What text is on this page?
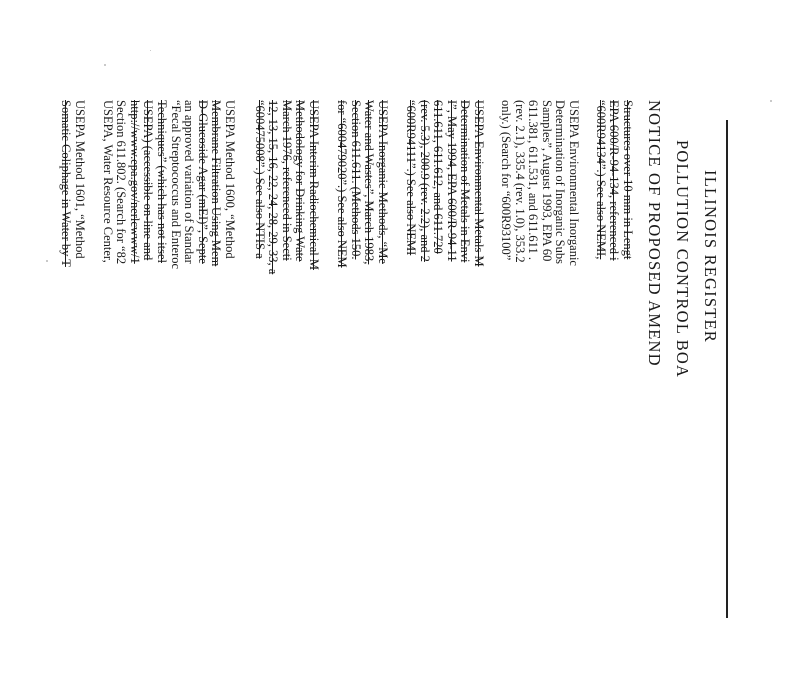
ILLINOIS REGISTER
POLLUTION CONTROL BOA
NOTICE OF PROPOSED AMEND
Structures over 10 mm in Lengt
EPA 600/R-94-134, referenced i
“600R94134”.) See also NEMI,
USEPA Environmental Inorganic
Determination of Inorganic Subs
Samples”, August 1993, EPA 60
611.381, 611.531, and 611.611 .
(rev. 2.1), 335.4 (rev. 1.0), 353.2
only.) (Search for “600R93100”
USEPA Environmental Metals M
Determination of Metals in Envi
I”, May 1994, EPA 600/R-94-11
611.611, 611.612, and 611.720
(rev. 5.3), 200.9 (rev. 2.2), and 2
“600R94111”.) See also NEMI
USEPA Inorganic Methods, “Me
Water and Wastes”, March 1983,
Section 611.611. (Methods 150.
for “600479020”.) See also NEM
USEPA Interim Radiochemical M
Methodology for Drinking Wate
March 1976, referenced in Secti
12, 13, 15, 16, 22, 24, 28, 29, 33, a
“600475008”.) See also NTIS a
USEPA Method 1600, “Method
Membrane Filtration Using Mem
D-Glucoside Agar (mEI)”, Septe
an approved variation of Standar
“Fecal Streptococcus and Enteroc
Techniques” (which has not itsel
USEPA) (accessible on-line and
http://www.epa.gov/nerlcwww/1
Section 611.802. (Search for “82
USEPA, Water Resource Center,
USEPA Method 1601, “Method
Somatic Coliphage in Water by T
